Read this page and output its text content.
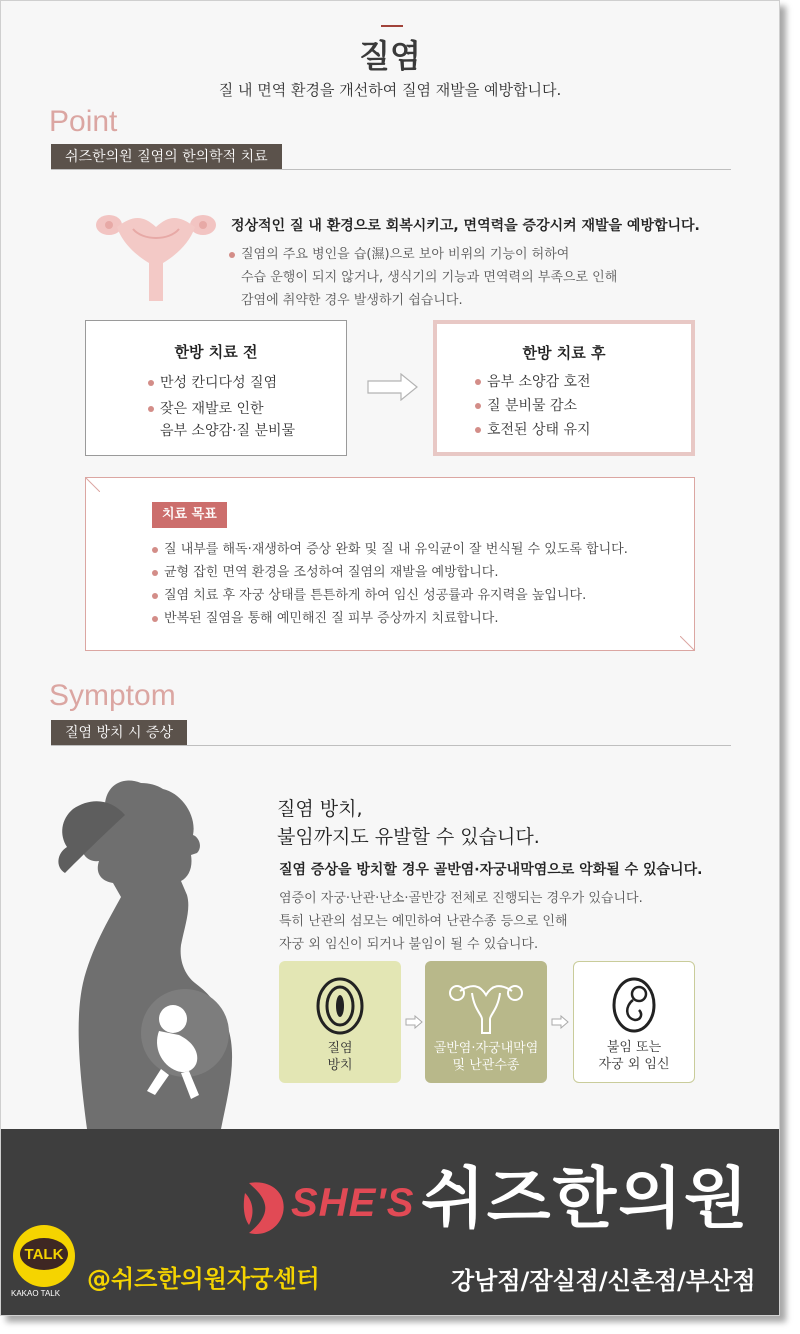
질염
질 내 면역 환경을 개선하여 질염 재발을 예방합니다.
Point
쉬즈한의원 질염의 한의학적 치료
정상적인 질 내 환경으로 회복시키고, 면역력을 증강시켜 재발을 예방합니다.
질염의 주요 병인을 습(濕)으로 보아 비위의 기능이 허하여
수습 운행이 되지 않거나, 생식기의 기능과 면역력의 부족으로 인해
감염에 취약한 경우 발생하기 쉽습니다.
한방 치료 전
만성 칸디다성 질염
잦은 재발로 인한
음부 소양감·질 분비물
한방 치료 후
음부 소양감 호전
질 분비물 감소
호전된 상태 유지
치료 목표
질 내부를 해독·재생하여 증상 완화 및 질 내 유익균이 잘 번식될 수 있도록 합니다.
균형 잡힌 면역 환경을 조성하여 질염의 재발을 예방합니다.
질염 치료 후 자궁 상태를 튼튼하게 하여 임신 성공률과 유지력을 높입니다.
반복된 질염을 통해 예민해진 질 피부 증상까지 치료합니다.
Symptom
질염 방치 시 증상
질염 방치,
불임까지도 유발할 수 있습니다.
질염 증상을 방치할 경우 골반염·자궁내막염으로 악화될 수 있습니다.
염증이 자궁·난관·난소·골반강 전체로 진행되는 경우가 있습니다.
특히 난관의 섬모는 예민하여 난관수종 등으로 인해
자궁 외 임신이 되거나 불임이 될 수 있습니다.
질염
방치
골반염·자궁내막염
및 난관수종
불임 또는
자궁 외 임신
SHE'S 쉬즈한의원
TALK
KAKAO TALK
@쉬즈한의원자궁센터	강남점/잠실점/신촌점/부산점
